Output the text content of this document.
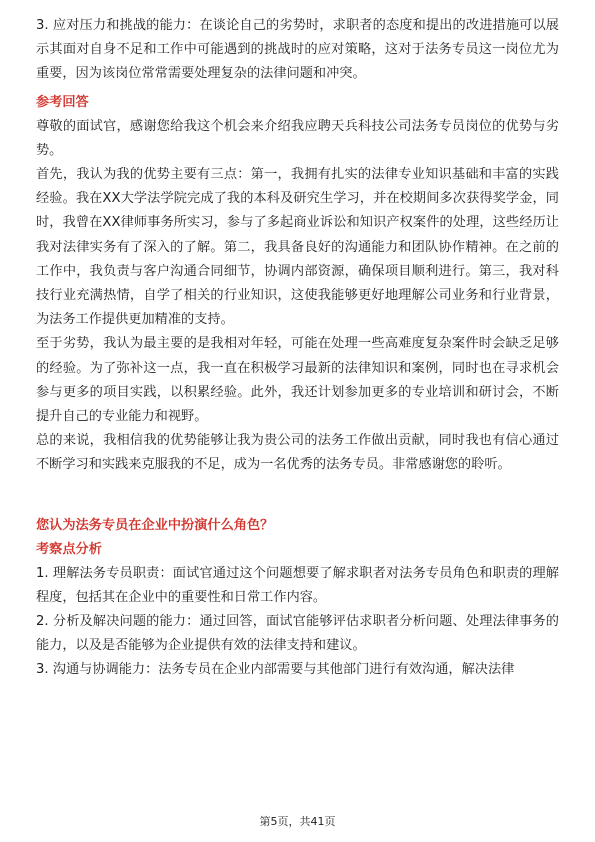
3. 应对压力和挑战的能力：在谈论自己的劣势时，求职者的态度和提出的改进措施可以展示其面对自身不足和工作中可能遇到的挑战时的应对策略，这对于法务专员这一岗位尤为重要，因为该岗位常常需要处理复杂的法律问题和冲突。

参考回答

尊敬的面试官，感谢您给我这个机会来介绍我应聘天兵科技公司法务专员岗位的优势与劣势。

首先，我认为我的优势主要有三点：第一，我拥有扎实的法律专业知识基础和丰富的实践经验。我在XX大学法学院完成了我的本科及研究生学习，并在校期间多次获得奖学金，同时，我曾在XX律师事务所实习，参与了多起商业诉讼和知识产权案件的处理，这些经历让我对法律实务有了深入的了解。第二，我具备良好的沟通能力和团队协作精神。在之前的工作中，我负责与客户沟通合同细节，协调内部资源，确保项目顺利进行。第三，我对科技行业充满热情，自学了相关的行业知识，这使我能够更好地理解公司业务和行业背景，为法务工作提供更加精准的支持。

至于劣势，我认为最主要的是我相对年轻，可能在处理一些高难度复杂案件时会缺乏足够的经验。为了弥补这一点，我一直在积极学习最新的法律知识和案例，同时也在寻求机会参与更多的项目实践，以积累经验。此外，我还计划参加更多的专业培训和研讨会，不断提升自己的专业能力和视野。

总的来说，我相信我的优势能够让我为贵公司的法务工作做出贡献，同时我也有信心通过不断学习和实践来克服我的不足，成为一名优秀的法务专员。非常感谢您的聆听。

您认为法务专员在企业中扮演什么角色？
考察点分析

1. 理解法务专员职责：面试官通过这个问题想要了解求职者对法务专员角色和职责的理解程度，包括其在企业中的重要性和日常工作内容。

2. 分析及解决问题的能力：通过回答，面试官能够评估求职者分析问题、处理法律事务的能力，以及是否能够为企业提供有效的法律支持和建议。

3. 沟通与协调能力：法务专员在企业内部需要与其他部门进行有效沟通，解决法律

第5页，共41页
